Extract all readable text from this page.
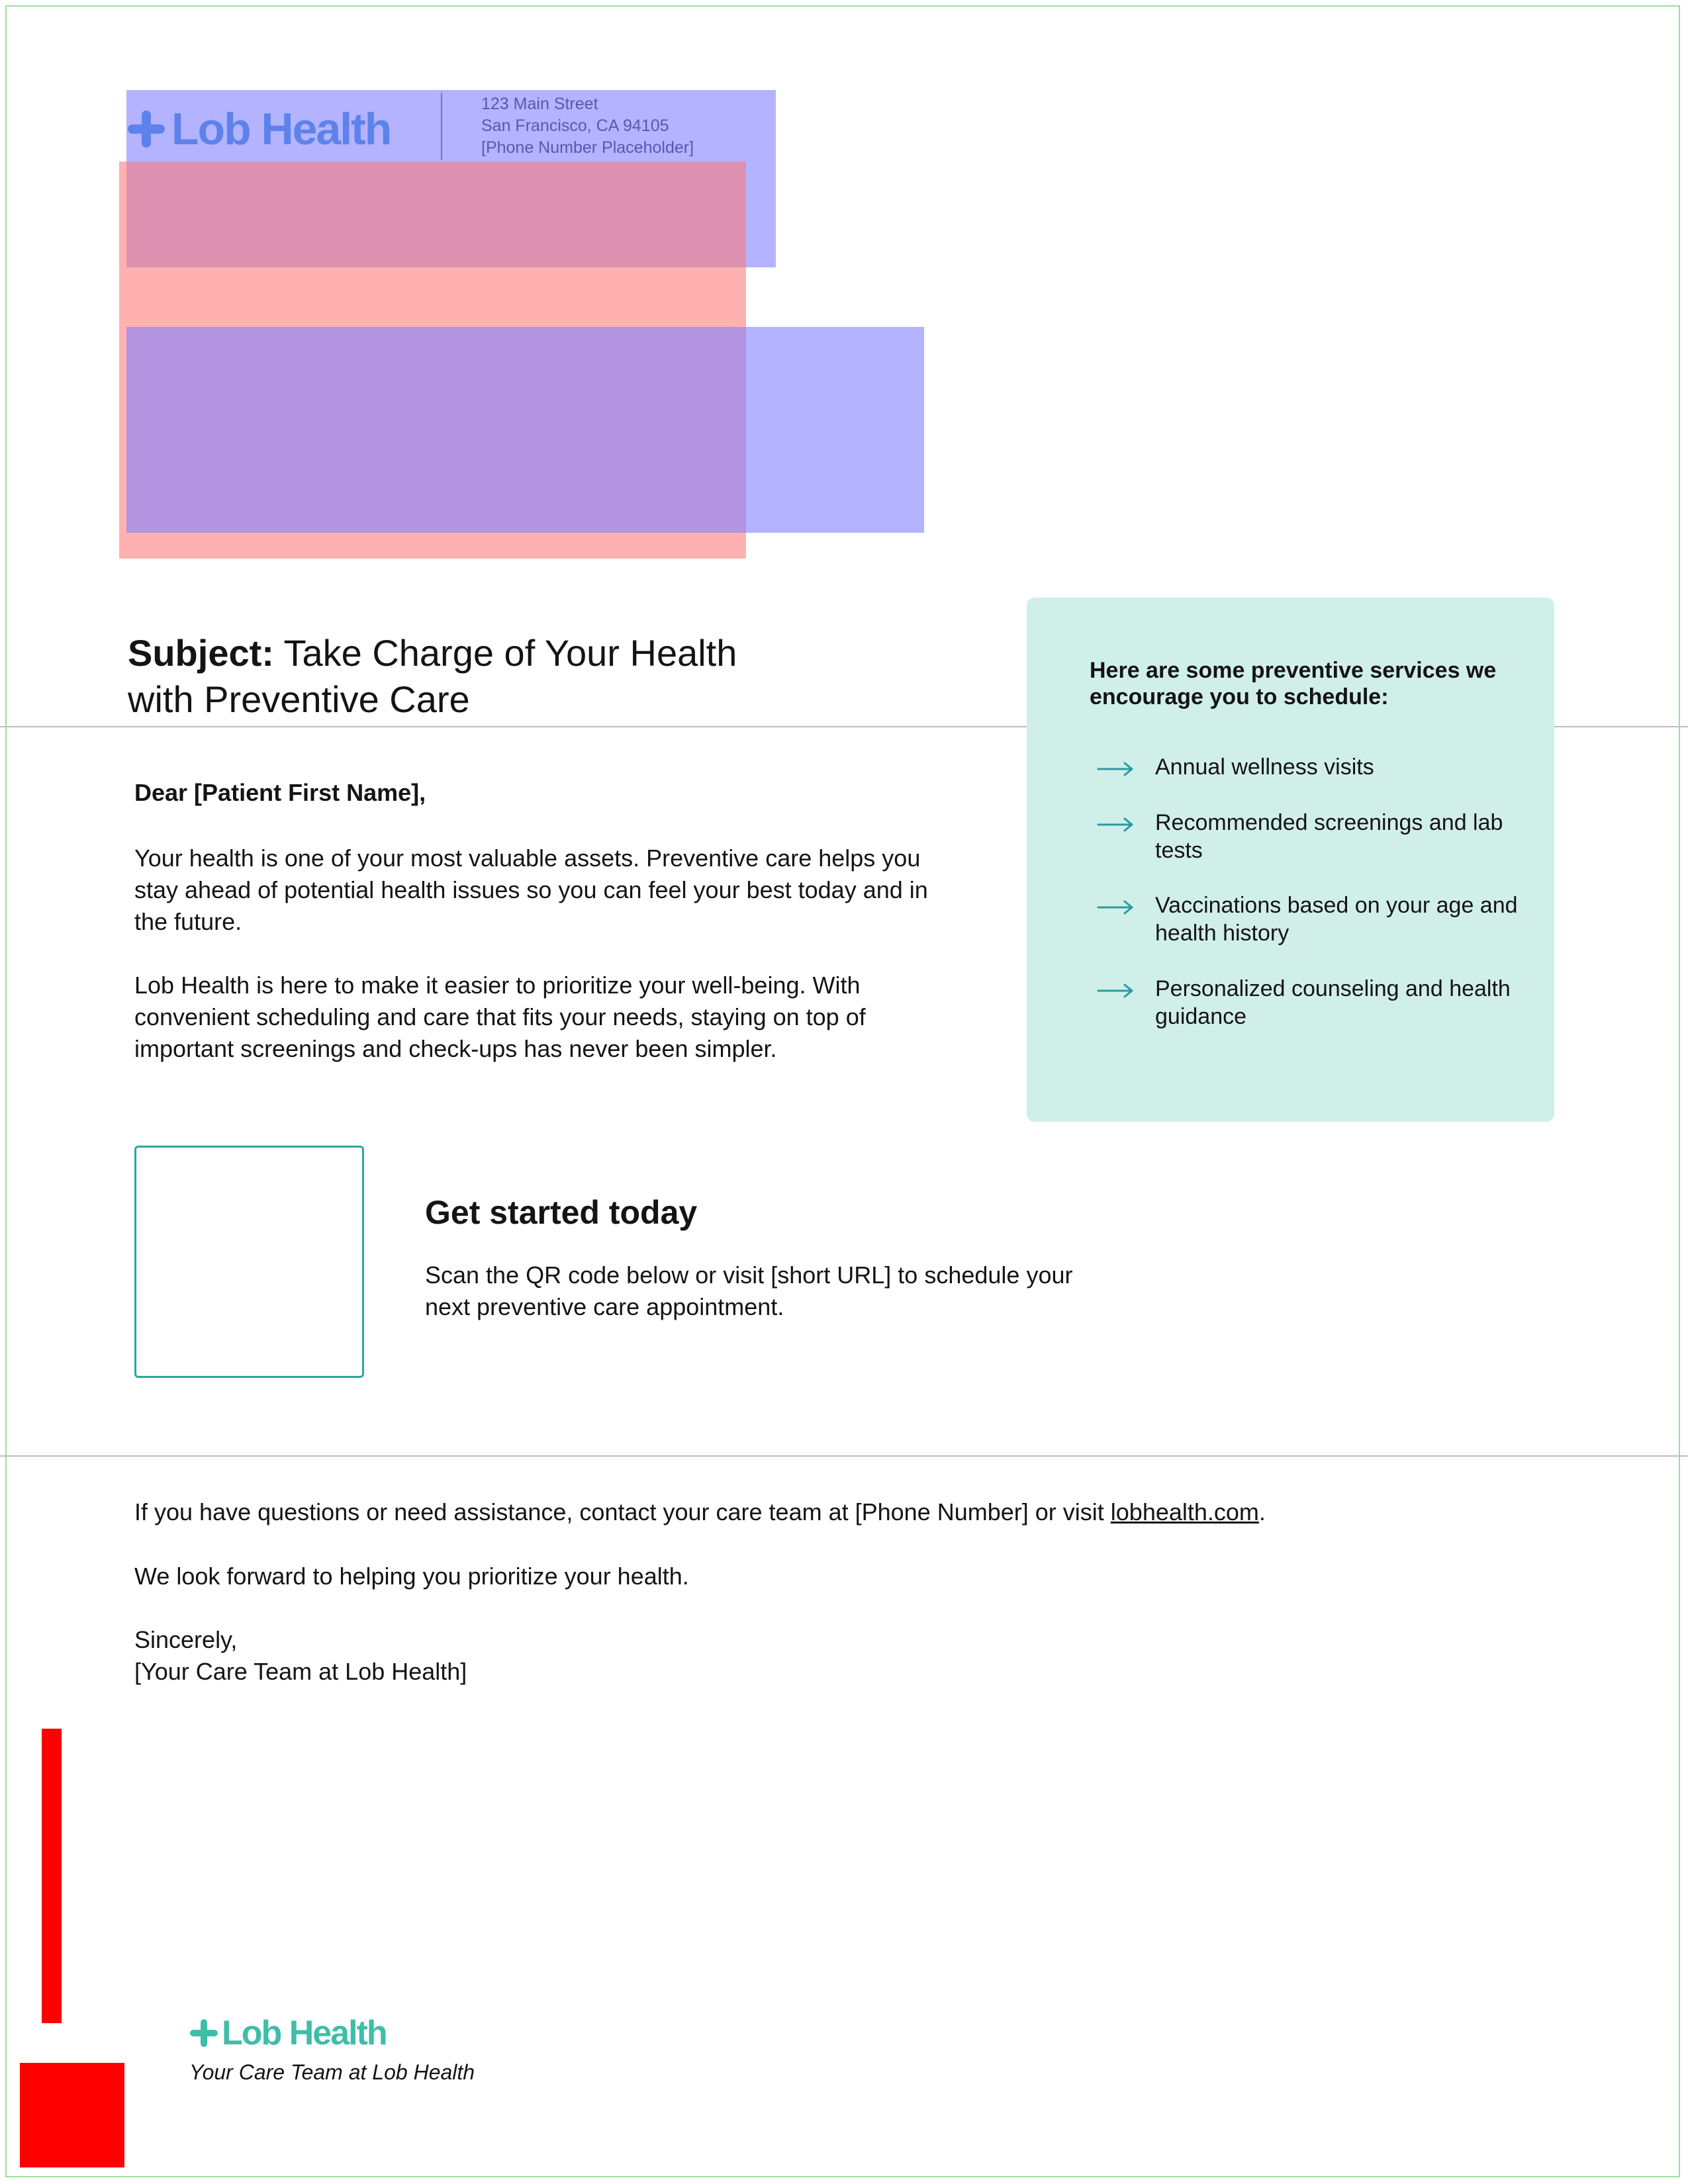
Subject: Take Charge of Your Health with Preventive Care
Dear [Patient First Name],
Your health is one of your most valuable assets. Preventive care helps you stay ahead of potential health issues so you can feel your best today and in the future.
Lob Health is here to make it easier to prioritize your well-being. With convenient scheduling and care that fits your needs, staying on top of important screenings and check-ups has never been simpler.
Here are some preventive services we encourage you to schedule:
Annual wellness visits
Recommended screenings and lab tests
Vaccinations based on your age and health history
Personalized counseling and health guidance
Get started today
Scan the QR code below or visit [short URL] to schedule your next preventive care appointment.
If you have questions or need assistance, contact your care team at [Phone Number] or visit lobhealth.com.
We look forward to helping you prioritize your health.
Sincerely,
[Your Care Team at Lob Health]
Lob Health
Your Care Team at Lob Health
